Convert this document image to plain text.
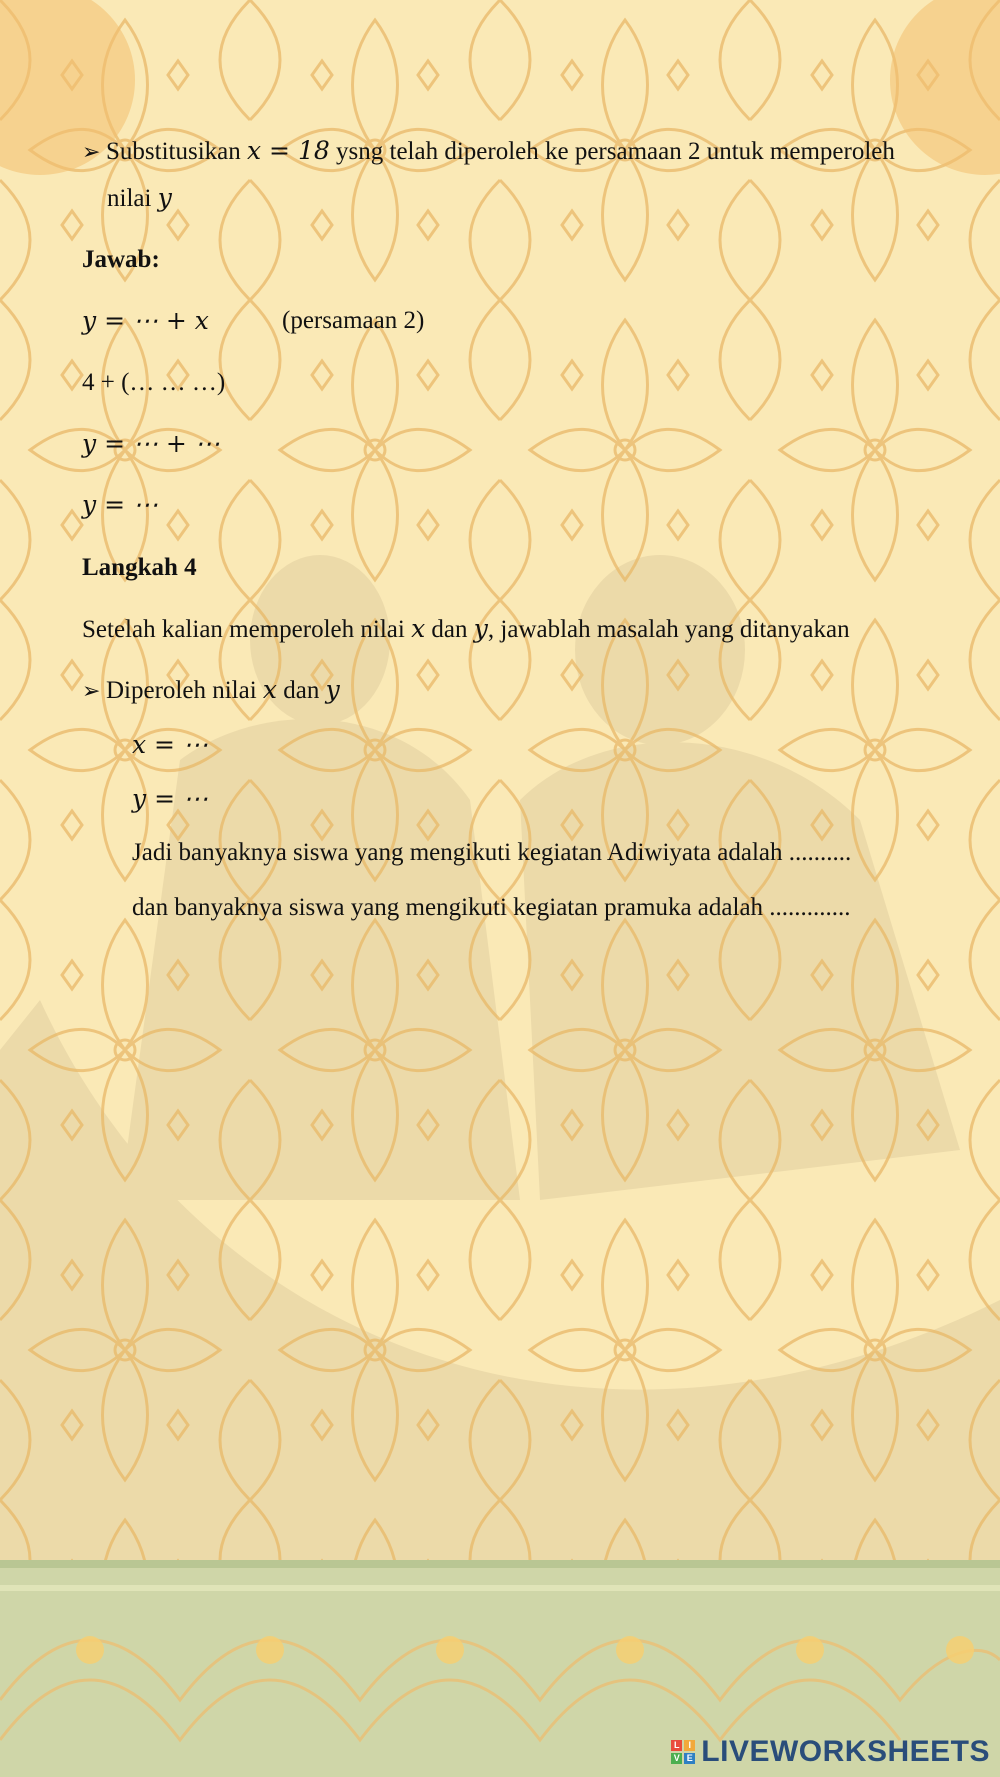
➢ Substitusikan x = 18 ysng telah diperoleh ke persamaan 2 untuk memperoleh
nilai y
Jawab:
y = ⋯ + x	(persamaan 2)
4 + (… … …)
y = ⋯ + ⋯
y = ⋯
Langkah 4
Setelah kalian memperoleh nilai x dan y, jawablah masalah yang ditanyakan
➢ Diperoleh nilai x dan y
x = ⋯
y = ⋯
Jadi banyaknya siswa yang mengikuti kegiatan Adiwiyata adalah ..........
dan banyaknya siswa yang mengikuti kegiatan pramuka adalah .............
L I
V E LIVEWORKSHEETS
